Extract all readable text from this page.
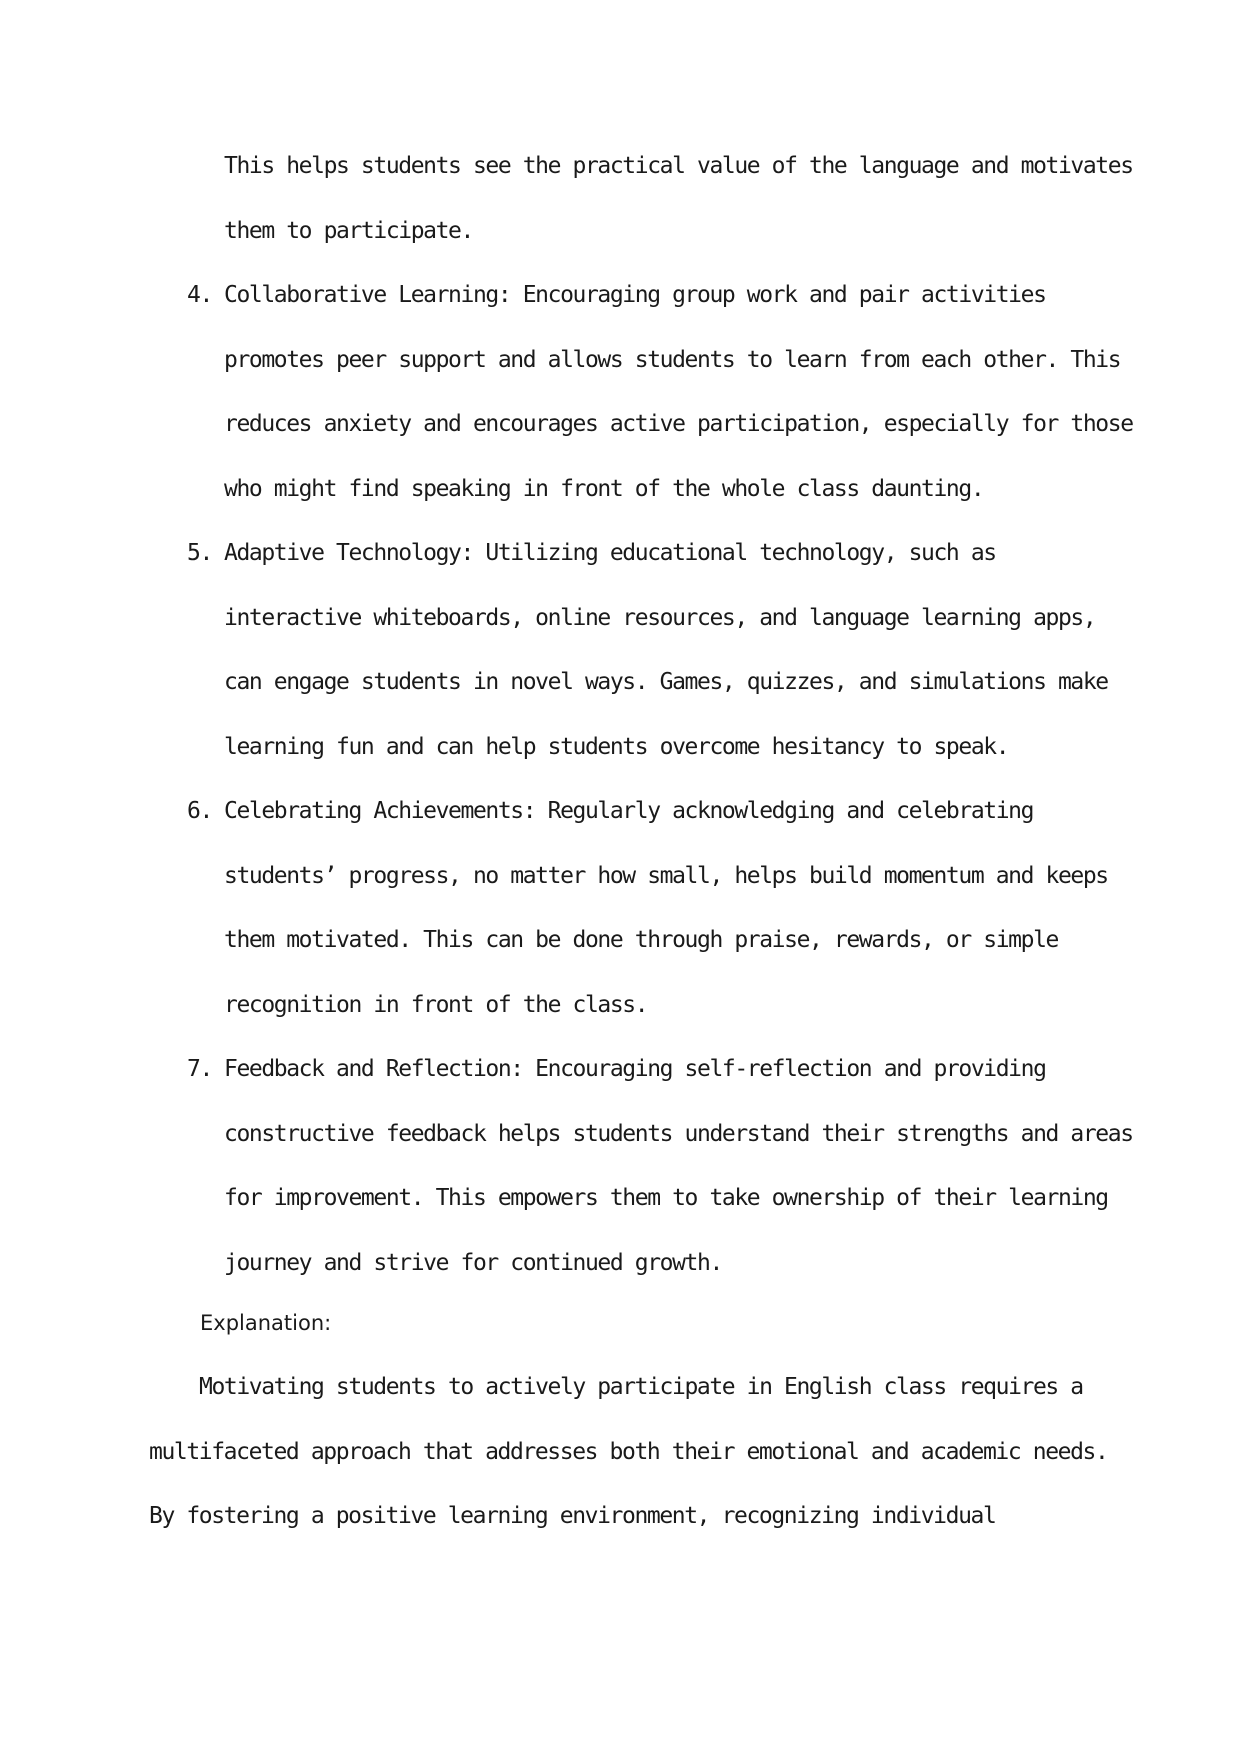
This helps students see the practical value of the language and motivates
them to participate.
4. Collaborative Learning: Encouraging group work and pair activities
promotes peer support and allows students to learn from each other. This
reduces anxiety and encourages active participation, especially for those
who might find speaking in front of the whole class daunting.
5. Adaptive Technology: Utilizing educational technology, such as
interactive whiteboards, online resources, and language learning apps,
can engage students in novel ways. Games, quizzes, and simulations make
learning fun and can help students overcome hesitancy to speak.
6. Celebrating Achievements: Regularly acknowledging and celebrating
students’ progress, no matter how small, helps build momentum and keeps
them motivated. This can be done through praise, rewards, or simple
recognition in front of the class.
7. Feedback and Reflection: Encouraging self-reflection and providing
constructive feedback helps students understand their strengths and areas
for improvement. This empowers them to take ownership of their learning
journey and strive for continued growth.
Explanation:
Motivating students to actively participate in English class requires a
multifaceted approach that addresses both their emotional and academic needs.
By fostering a positive learning environment, recognizing individual
